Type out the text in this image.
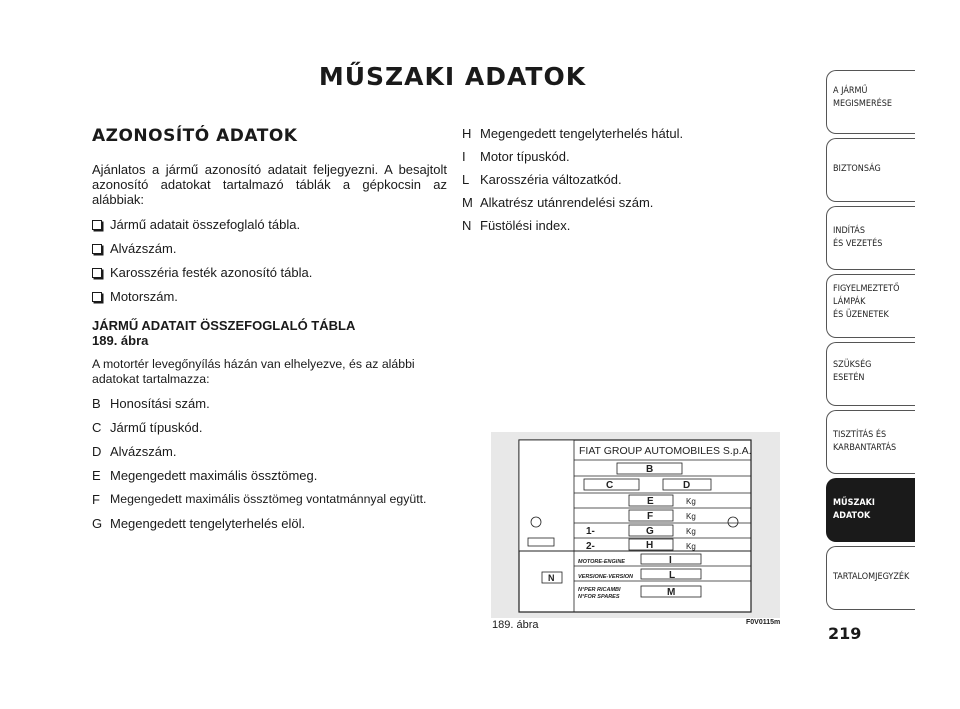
MŰSZAKI ADATOK
AZONOSÍTÓ ADATOK

Ajánlatos a jármű azonosító adatait feljegyezni. A besajtolt azonosító adatokat tartalmazó táblák a gépkocsin az alábbiak:

Jármű adatait összefoglaló tábla.
Alvázszám.
Karosszéria festék azonosító tábla.
Motorszám.
JÁRMŰ ADATAIT ÖSSZEFOGLALÓ TÁBLA
189. ábra

A motortér levegőnyílás házán van elhelyezve, és az alábbi adatokat tartalmazza:

B Honosítási szám.
C Jármű típuskód.
D Alvázszám.
E Megengedett maximális össztömeg.
F Megengedett maximális össztömeg vontatmánnyal együtt.
G Megengedett tengelyterhelés elöl.
H Megengedett tengelyterhelés hátul.
I	Motor típuskód.
L Karosszéria változatkód.
M Alkatrész utánrendelési szám.
N Füstölési index.
FIAT GROUP AUTOMOBILES S.p.A.
B
C	D
E	Kg
F	Kg
1-	G	Kg
2-	H	Kg
MOTORE-ENGINE	I
VERSIONE-VERSION	L
N°PER RICAMBI
N°FOR SPARES	M
N
189. ábra	F0V0115m
A JÁRMŰ
MEGISMERÉSE
BIZTONSÁG
INDÍTÁS
ÉS VEZETÉS
FIGYELMEZTETŐ
LÁMPÁK
ÉS ÜZENETEK
SZÜKSÉG
ESETÉN
TISZTÍTÁS ÉS
KARBANTARTÁS
MŰSZAKI
ADATOK
TARTALOMJEGYZÉK
219
